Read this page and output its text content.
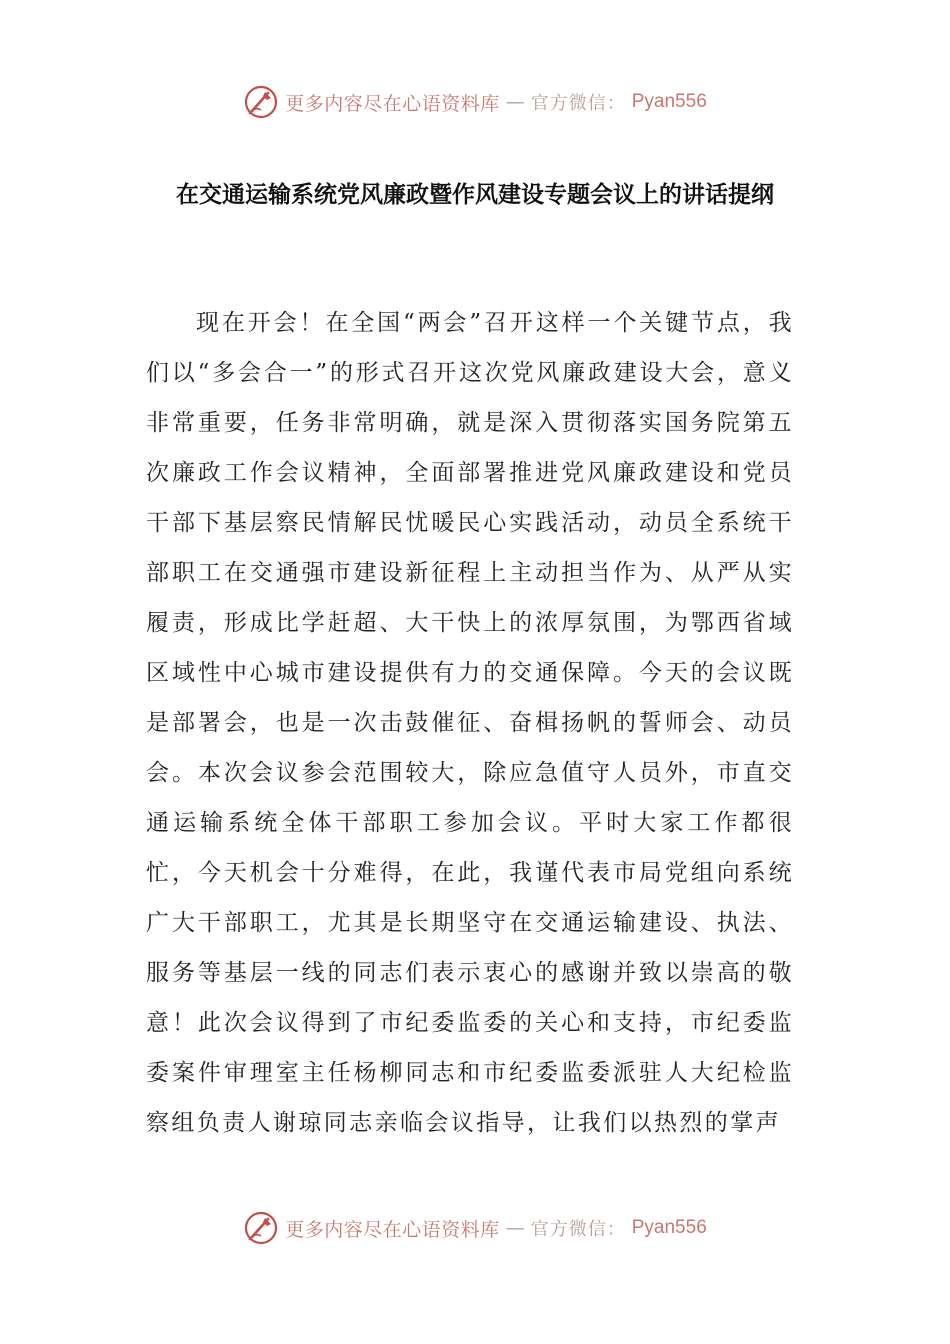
更多内容尽在心语资料库 — 官方微信： Pyan556
在交通运输系统党风廉政暨作风建设专题会议上的讲话提纲

现在开会！在全国“两会”召开这样一个关键节点，我们以“多会合一”的形式召开这次党风廉政建设大会，意义非常重要，任务非常明确，就是深入贯彻落实国务院第五次廉政工作会议精神，全面部署推进党风廉政建设和党员干部下基层察民情解民忧暖民心实践活动，动员全系统干部职工在交通强市建设新征程上主动担当作为、从严从实履责，形成比学赶超、大干快上的浓厚氛围，为鄂西省域区域性中心城市建设提供有力的交通保障。今天的会议既是部署会，也是一次击鼓催征、奋楫扬帆的誓师会、动员会。本次会议参会范围较大，除应急值守人员外，市直交通运输系统全体干部职工参加会议。平时大家工作都很忙，今天机会十分难得，在此，我谨代表市局党组向系统广大干部职工，尤其是长期坚守在交通运输建设、执法、服务等基层一线的同志们表示衷心的感谢并致以崇高的敬意！此次会议得到了市纪委监委的关心和支持，市纪委监委案件审理室主任杨柳同志和市纪委监委派驻人大纪检监察组负责人谢琼同志亲临会议指导，让我们以热烈的掌声

更多内容尽在心语资料库 — 官方微信： Pyan556
